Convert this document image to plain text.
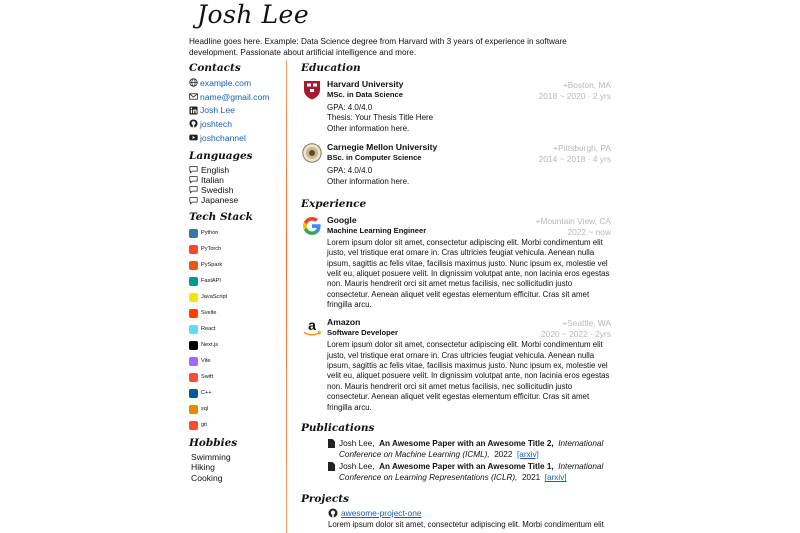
Josh Lee
Headline goes here. Example: Data Science degree from Harvard with 3 years of experience in software development. Passionate about artificial intelligence and more.
Contacts
example.com
name@gmail.com
Josh Lee
joshtech
joshchannel
Languages
English
Italian
Swedish
Japanese
Tech Stack
Python
PyTorch
PySpark
FastAPI
JavaScript
Svelte
React
Next.js
Vite
Swift
C++
sql
git
Hobbies
Swimming
Hiking
Cooking
Education
Harvard University
MSc. in Data Science
GPA: 4.0/4.0
Thesis: Your Thesis Title Here
Other information here.
⌖Boston, MA
2018 ~ 2020 · 2 yrs
Carnegie Mellon University
BSc. in Computer Science
GPA: 4.0/4.0
Other information here.
⌖Pittsburgh, PA
2014 ~ 2018 · 4 yrs
Experience
Google
Machine Learning Engineer
Lorem ipsum dolor sit amet, consectetur adipiscing elit. Morbi condimentum elit justo, vel tristique erat ornare in. Cras ultricies feugiat vehicula. Aenean nulla ipsum, sagittis ac felis vitae, facilisis maximus justo. Nunc ipsum ex, molestie vel velit eu, aliquet posuere velit. In dignissim volutpat ante, non lacinia eros egestas non. Mauris hendrerit orci sit amet metus facilisis, nec sollicitudin justo consectetur. Aenean aliquet velit egestas elementum efficitur. Cras sit amet fringilla arcu.
⌖Mountain View, CA
2022 ~ now
a Amazon
Software Developer
Lorem ipsum dolor sit amet, consectetur adipiscing elit. Morbi condimentum elit justo, vel tristique erat ornare in. Cras ultricies feugiat vehicula. Aenean nulla ipsum, sagittis ac felis vitae, facilisis maximus justo. Nunc ipsum ex, molestie vel velit eu, aliquet posuere velit. In dignissim volutpat ante, non lacinia eros egestas non. Mauris hendrerit orci sit amet metus facilisis, nec sollicitudin justo consectetur. Aenean aliquet velit egestas elementum efficitur. Cras sit amet fringilla arcu.
⌖Seattle, WA
2020 ~ 2022 · 2yrs
Publications
Josh Lee, An Awesome Paper with an Awesome Title 2, International Conference on Machine Learning (ICML), 2022 [arxiv]
Josh Lee, An Awesome Paper with an Awesome Title 1, International Conference on Learning Representations (ICLR), 2021 [arxiv]
Projects
awesome-project-one
Lorem ipsum dolor sit amet, consectetur adipiscing elit. Morbi condimentum elit
